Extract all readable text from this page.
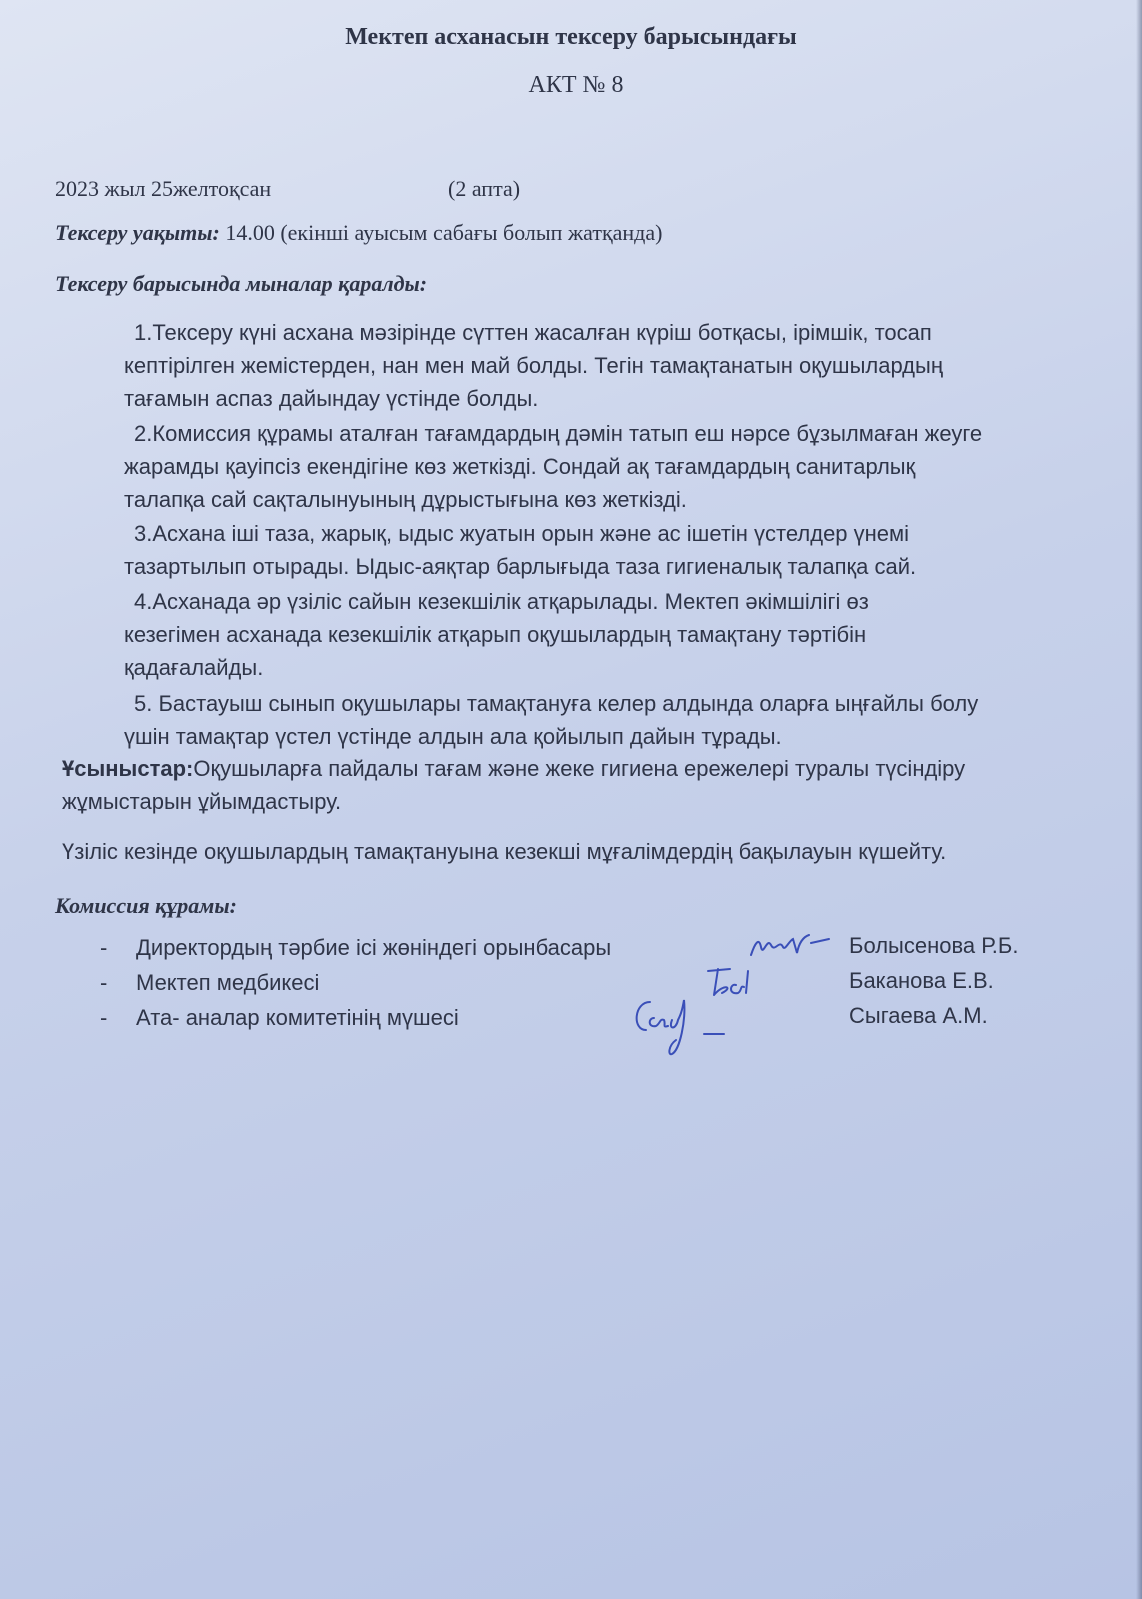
Мектеп асханасын тексеру барысындағы
АКТ № 8
2023 жыл 25желтоқсан	(2 апта)
Тексеру уақыты: 14.00 (екінші ауысым сабағы болып жатқанда)
Тексеру барысында мыналар қаралды:
1.Тексеру күні асхана мәзірінде сүттен жасалған күріш ботқасы, ірімшік, тосап
кептірілген жемістерден, нан мен май болды. Тегін тамақтанатын оқушылардың
тағамын аспаз дайындау үстінде болды.
2.Комиссия құрамы аталған тағамдардың дәмін татып еш нәрсе бұзылмаған жеуге
жарамды қауіпсіз екендігіне көз жеткізді. Сондай ақ тағамдардың санитарлық
талапқа сай сақталынуының дұрыстығына көз жеткізді.
3.Асхана іші таза, жарық, ыдыс жуатын орын және ас ішетін үстелдер үнемі
тазартылып отырады. Ыдыс-аяқтар барлығыда таза гигиеналық талапқа сай.
4.Асханада әр үзіліс сайын кезекшілік атқарылады. Мектеп әкімшілігі өз
кезегімен асханада кезекшілік атқарып оқушылардың тамақтану тәртібін
қадағалайды.
5. Бастауыш сынып оқушылары тамақтануға келер алдында оларға ыңғайлы болу
үшін тамақтар үстел үстінде алдын ала қойылып дайын тұрады.
Ұсыныстар:Оқушыларға пайдалы тағам және жеке гигиена ережелері туралы түсіндіру
жұмыстарын ұйымдастыру.
Үзіліс кезінде оқушылардың тамақтануына кезекші мұғалімдердің бақылауын күшейту.
Комиссия құрамы:
- Директордың тәрбие ісі жөніндегі орынбасары
- Мектеп медбикесі
- Ата- аналар комитетінің мүшесі
Болысенова Р.Б.
Баканова Е.В.
Сыгаева А.М.
